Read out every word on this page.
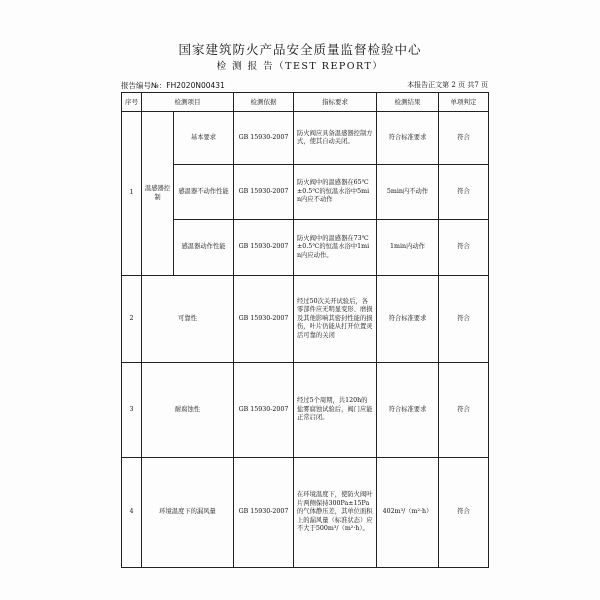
国家建筑防火产品安全质量监督检验中心
检 测 报 告（TEST REPORT）
报告编号№：FH2020N00431	本报告正文第 2 页 共7 页
序号	检测项目		检测依据	指标要求	检测结果	单项判定
1	温感器控制	基本要求	GB 15930-2007	防火阀应具备温感器控制方式，使其自动关闭。	符合标准要求	符合
		感温器不动作性能	GB 15930-2007	防火阀中的温感器在65℃±0.5℃的恒温水浴中5min内应不动作	5min内不动作	符合
		感温器动作性能	GB 15930-2007	防火阀中的温感器在73℃±0.5℃的恒温水浴中1min内应动作。	1min内动作	符合
2	可靠性		GB 15930-2007	经过50次关开试验后，各零部件应无明显变形、磨损及其他影响其密封性能的损伤，叶片仍能从打开位置灵活可靠的关闭	符合标准要求	符合
3	耐腐蚀性		GB 15930-2007	经过5个周期，共120h的盐雾腐蚀试验后，阀门应能正常启闭。	符合标准要求	符合
4	环境温度下的漏风量		GB 15930-2007	在环境温度下，使防火阀叶片两侧保持300Pa±15Pa的气体静压差，其单位面积上的漏风量（标准状态）应不大于500m³/（m²·h）。	402m³/（m²·h）	符合
